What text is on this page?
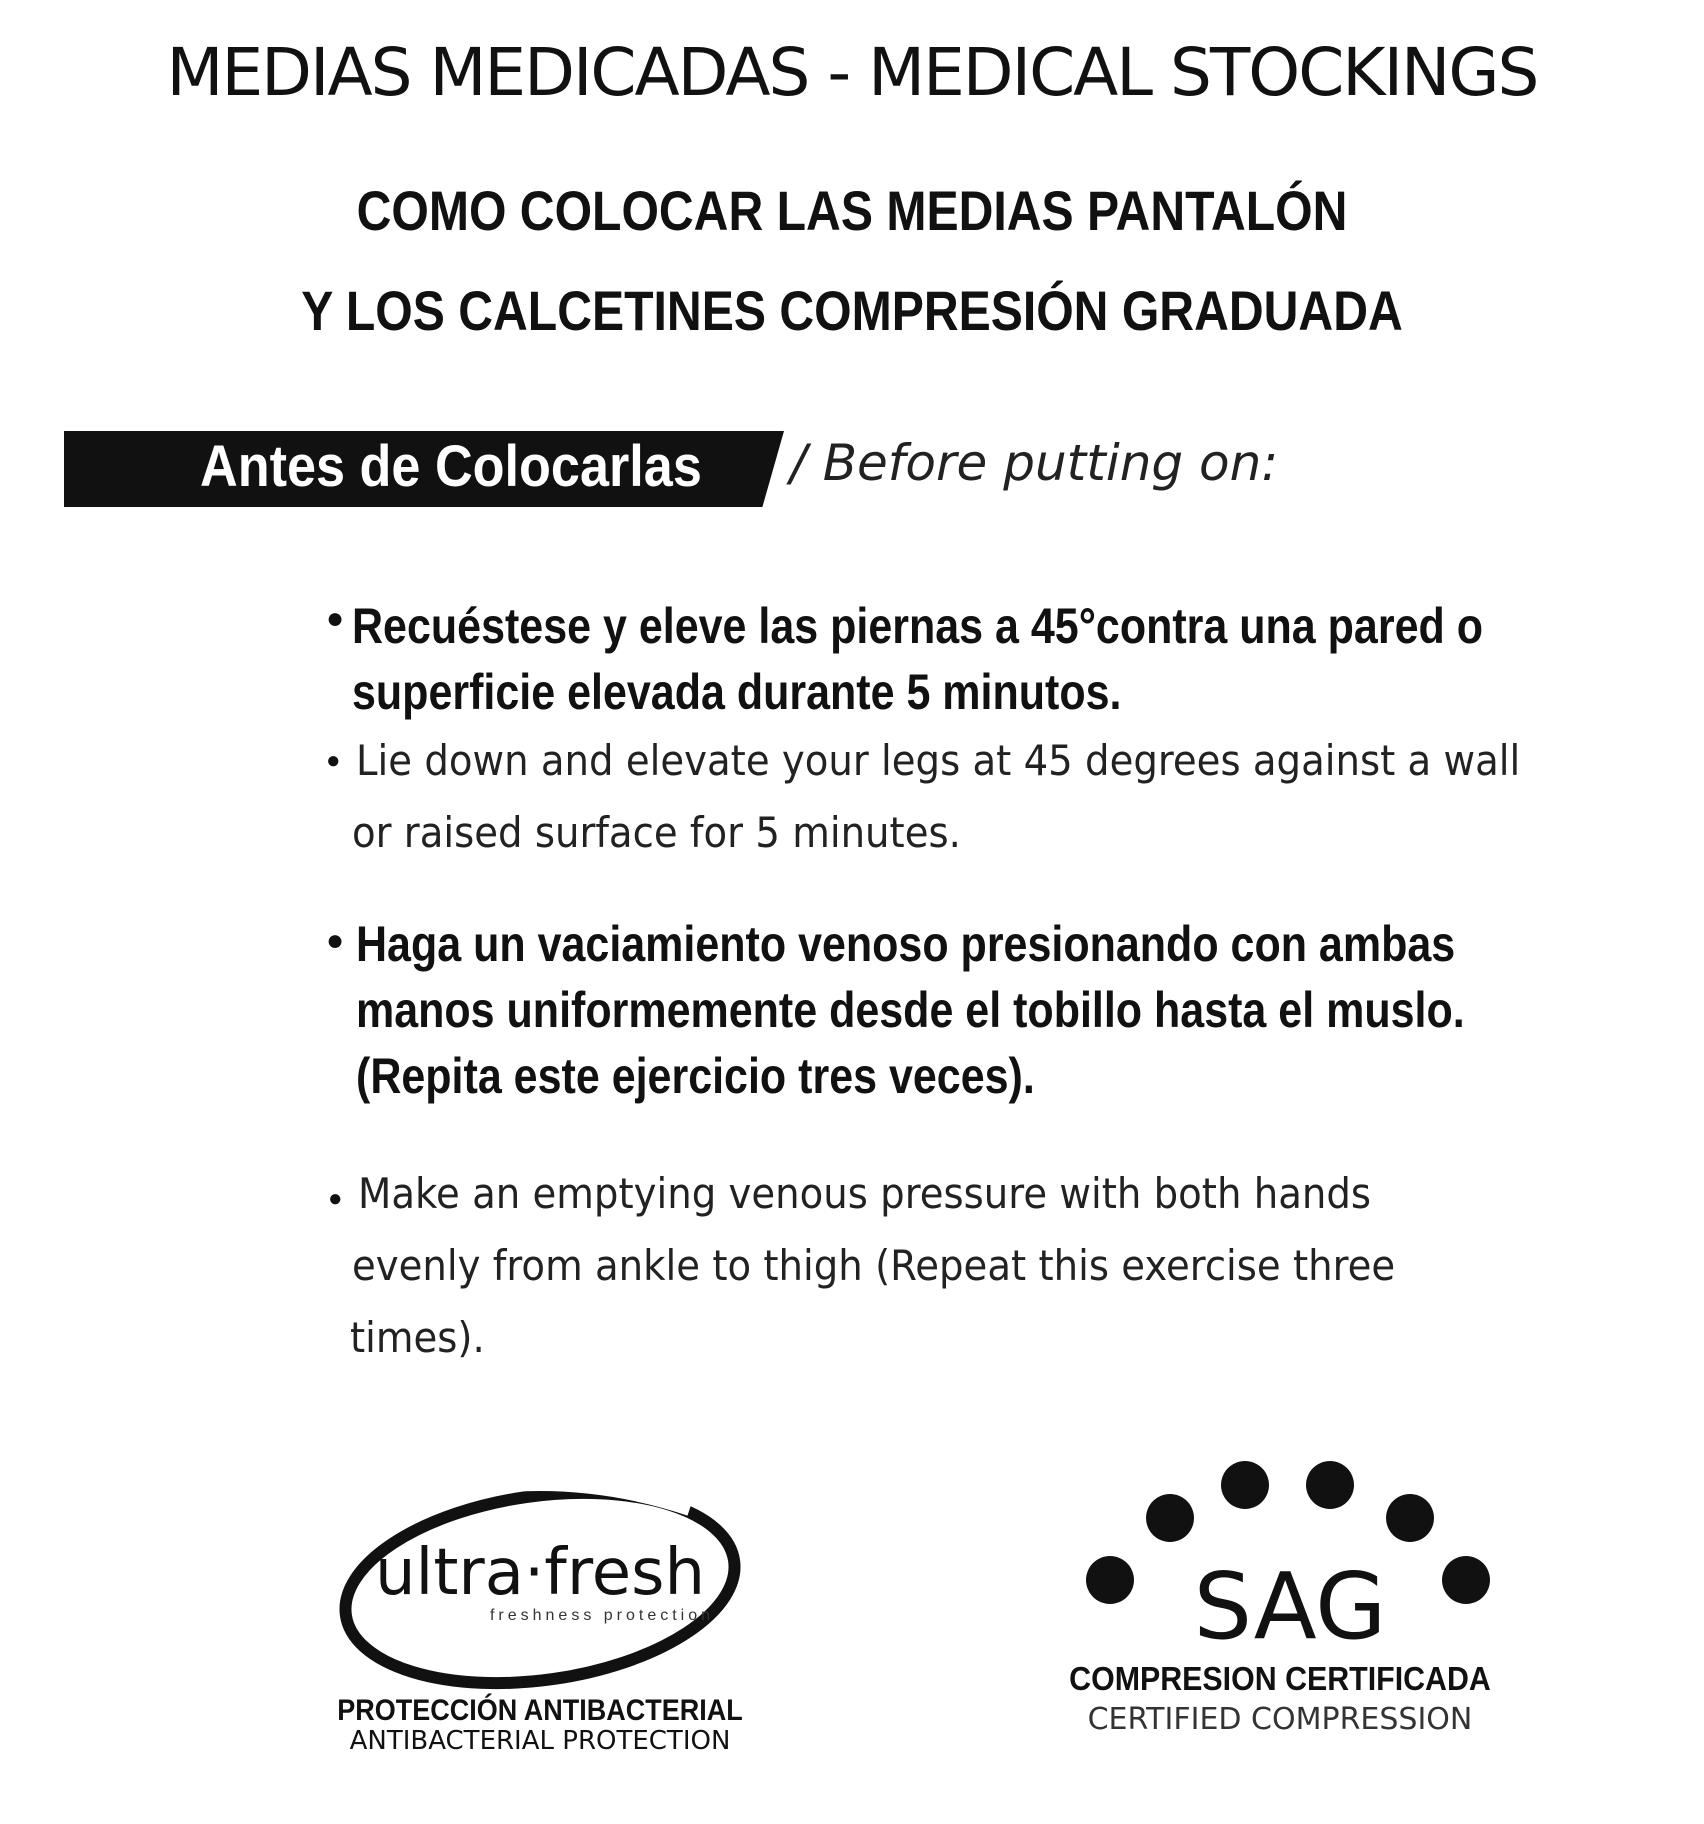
MEDIAS MEDICADAS - MEDICAL STOCKINGS
COMO COLOCAR LAS MEDIAS PANTALÓN
Y LOS CALCETINES COMPRESIÓN GRADUADA
Antes de Colocarlas / Before putting on:
● Recuéstese y eleve las piernas a 45°contra una pared o
superficie elevada durante 5 minutos.
● Lie down and elevate your legs at 45 degrees against a wall
or raised surface for 5 minutes.
● Haga un vaciamiento venoso presionando con ambas
manos uniformemente desde el tobillo hasta el muslo.
(Repita este ejercicio tres veces).
● Make an emptying venous pressure with both hands
evenly from ankle to thigh (Repeat this exercise three
times).
ultra·fresh
freshness protection
PROTECCIÓN ANTIBACTERIAL
ANTIBACTERIAL PROTECTION
SAG
COMPRESION CERTIFICADA
CERTIFIED COMPRESSION
